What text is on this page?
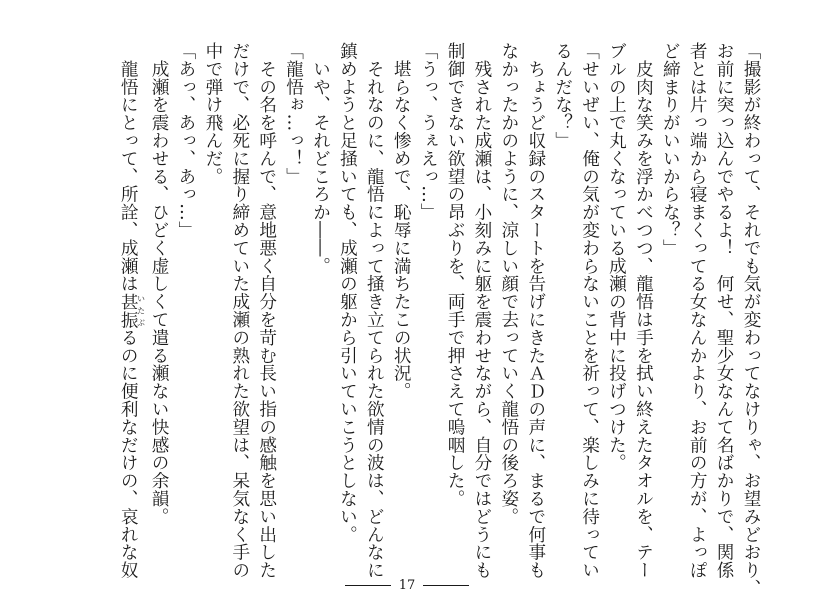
「撮影が終わって、それでも気が変わってなけりゃ、お望みどおり、
お前に突っ込んでやるよ！　何せ、聖少女なんて名ばかりで、関係
者とは片っ端から寝まくってる女なんかより、お前の方が、よっぽ
ど締まりがいいからな？」
　皮肉な笑みを浮かべつつ、龍悟は手を拭い終えたタオルを、テー
ブルの上で丸くなっている成瀬の背中に投げつけた。
「せいぜい、俺の気が変わらないことを祈って、楽しみに待ってい
るんだな？」
　ちょうど収録のスタートを告げにきたＡＤの声に、まるで何事も
なかったかのように、涼しい顔で去っていく龍悟の後ろ姿。
　残された成瀬は、小刻みに躯を震わせながら、自分ではどうにも
制御できない欲望の昂ぶりを、両手で押さえて嗚咽した。
「うっ、うぇえっ…」
　堪らなく惨めで、恥辱に満ちたこの状況。
　それなのに、龍悟によって掻き立てられた欲情の波は、どんなに
鎮めようと足掻いても、成瀬の躯から引いていこうとしない。
　いや、それどころか――。
「龍悟ぉ…っ！」
　その名を呼んで、意地悪く自分を苛む長い指の感触を思い出した
だけで、必死に握り締めていた成瀬の熟れた欲望は、呆気なく手の
中で弾け飛んだ。
「あっ、あっ、あっ…」
　成瀬を震わせる、ひどく虚しくて遣る瀬ない快感の余韻。
　龍悟にとって、所詮、成瀬は甚振いたぶるのに便利なだけの、哀れな奴
17
